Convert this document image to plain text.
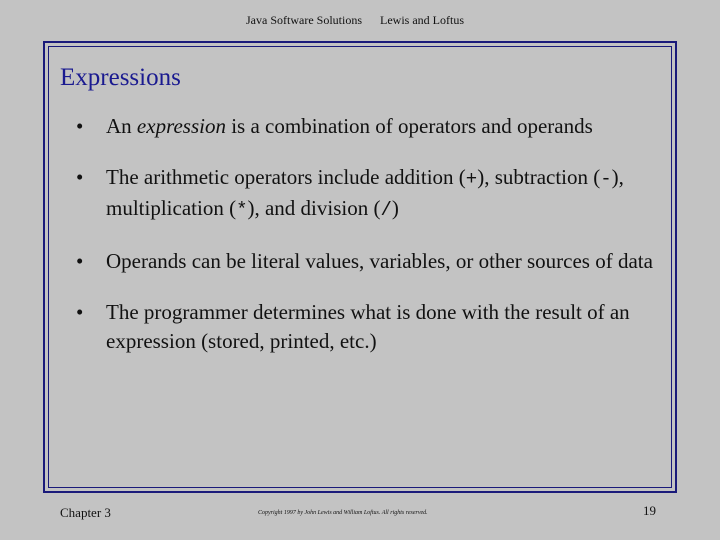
Java Software Solutions Lewis and Loftus
Expressions
• An expression is a combination of operators and operands
• The arithmetic operators include addition (+), subtraction (-), multiplication (*), and division (/)
• Operands can be literal values, variables, or other sources of data
• The programmer determines what is done with the result of an expression (stored, printed, etc.)
Chapter 3	Copyright 1997 by John Lewis and William Loftus. All rights reserved.	19
